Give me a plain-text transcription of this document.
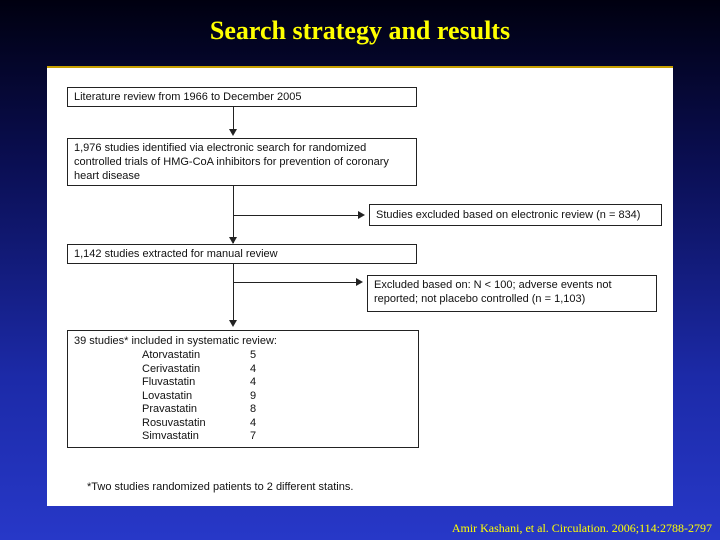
Search strategy and results
Literature review from 1966 to December 2005
1,976 studies identified via electronic search for randomized controlled trials of HMG-CoA inhibitors for prevention of coronary heart disease
Studies excluded based on electronic review (n = 834)
1,142 studies extracted for manual review
Excluded based on: N < 100; adverse events not reported; not placebo controlled (n = 1,103)
39 studies* included in systematic review:
Atorvastatin	5
Cerivastatin	4
Fluvastatin	4
Lovastatin	9
Pravastatin	8
Rosuvastatin	4
Simvastatin	7
*Two studies randomized patients to 2 different statins.
Amir Kashani, et al. Circulation. 2006;114:2788-2797
